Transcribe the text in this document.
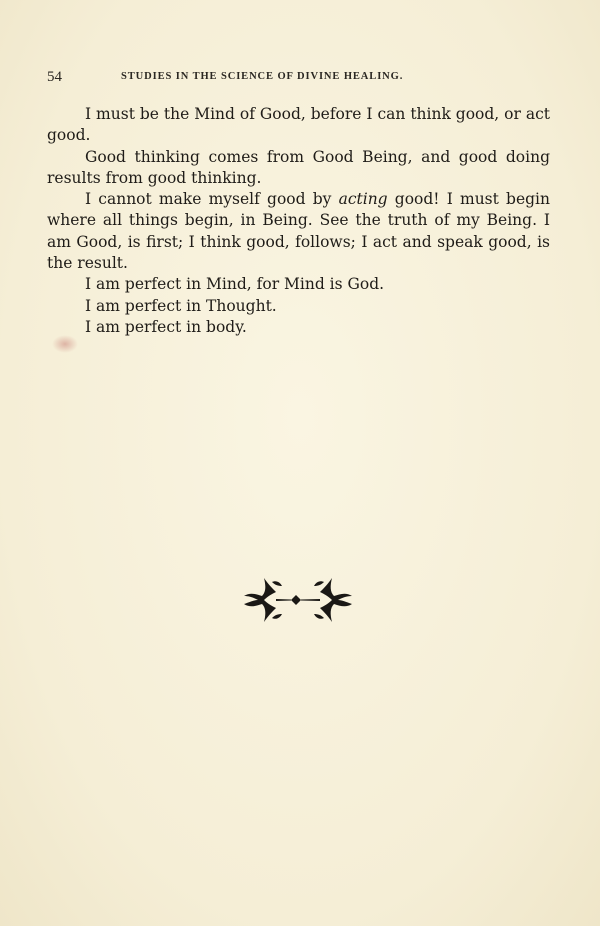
54	STUDIES IN THE SCIENCE OF DIVINE HEALING.

I must be the Mind of Good, before I can think good, or act good.

Good thinking comes from Good Being, and good doing results from good thinking.

I cannot make myself good by acting good! I must begin where all things begin, in Being. See the truth of my Being. I am Good, is first; I think good, follows; I act and speak good, is the result.

I am perfect in Mind, for Mind is God.

I am perfect in Thought.

I am perfect in body.
